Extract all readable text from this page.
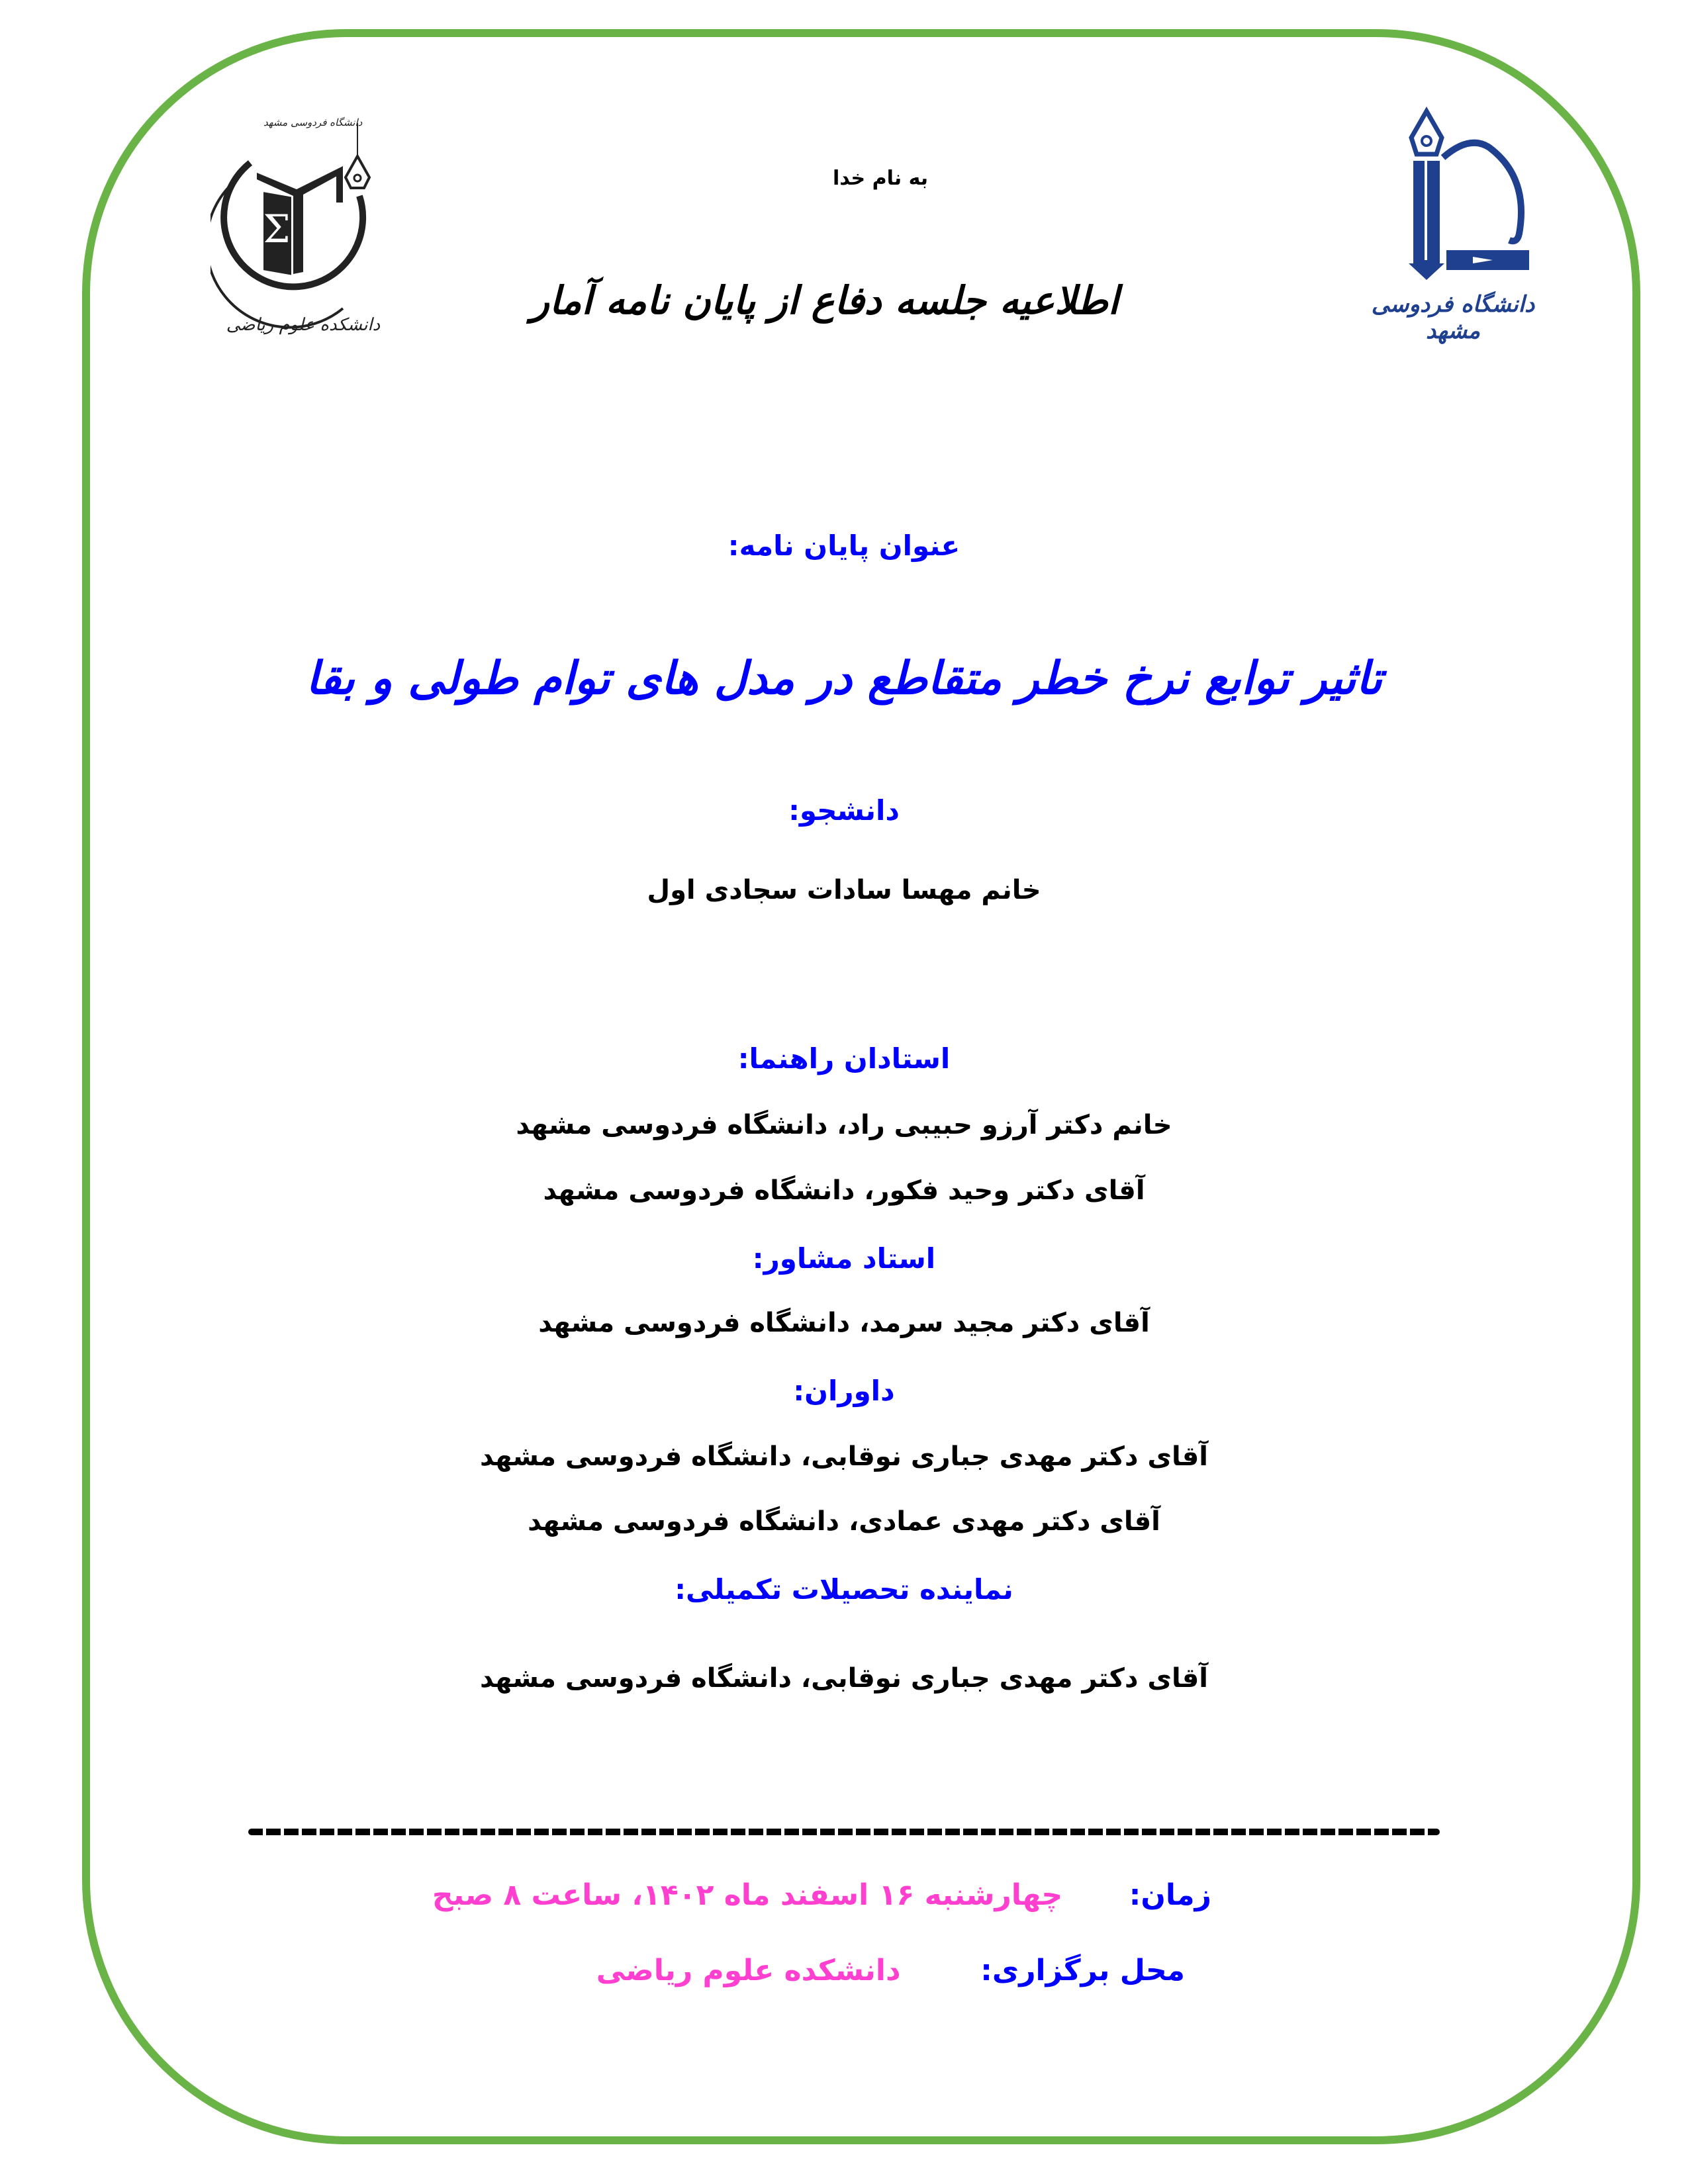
Σ
دانشگاه فردوسی مشهد
دانشکده علوم ریاضی
دانشگاه فردوسی مشهد
به نام خدا
اطلاعیه جلسه دفاع از پایان نامه آمار
عنوان پایان نامه:
تاثیر توابع نرخ خطر متقاطع در مدل های توام طولی و بقا
دانشجو:
خانم مهسا سادات سجادی اول
استادان راهنما:
خانم دکتر آرزو حبیبی راد، دانشگاه فردوسی مشهد
آقای دکتر وحید فکور، دانشگاه فردوسی مشهد
استاد مشاور:
آقای دکتر مجید سرمد، دانشگاه فردوسی مشهد
داوران:
آقای دکتر مهدی جباری نوقابی، دانشگاه فردوسی مشهد
آقای دکتر مهدی عمادی، دانشگاه فردوسی مشهد
نماینده تحصیلات تکمیلی:
آقای دکتر مهدی جباری نوقابی، دانشگاه فردوسی مشهد
زمان:  چهارشنبه ۱۶ اسفند ماه ۱۴۰۲، ساعت ۸ صبح
محل برگزاری:  دانشکده علوم ریاضی
